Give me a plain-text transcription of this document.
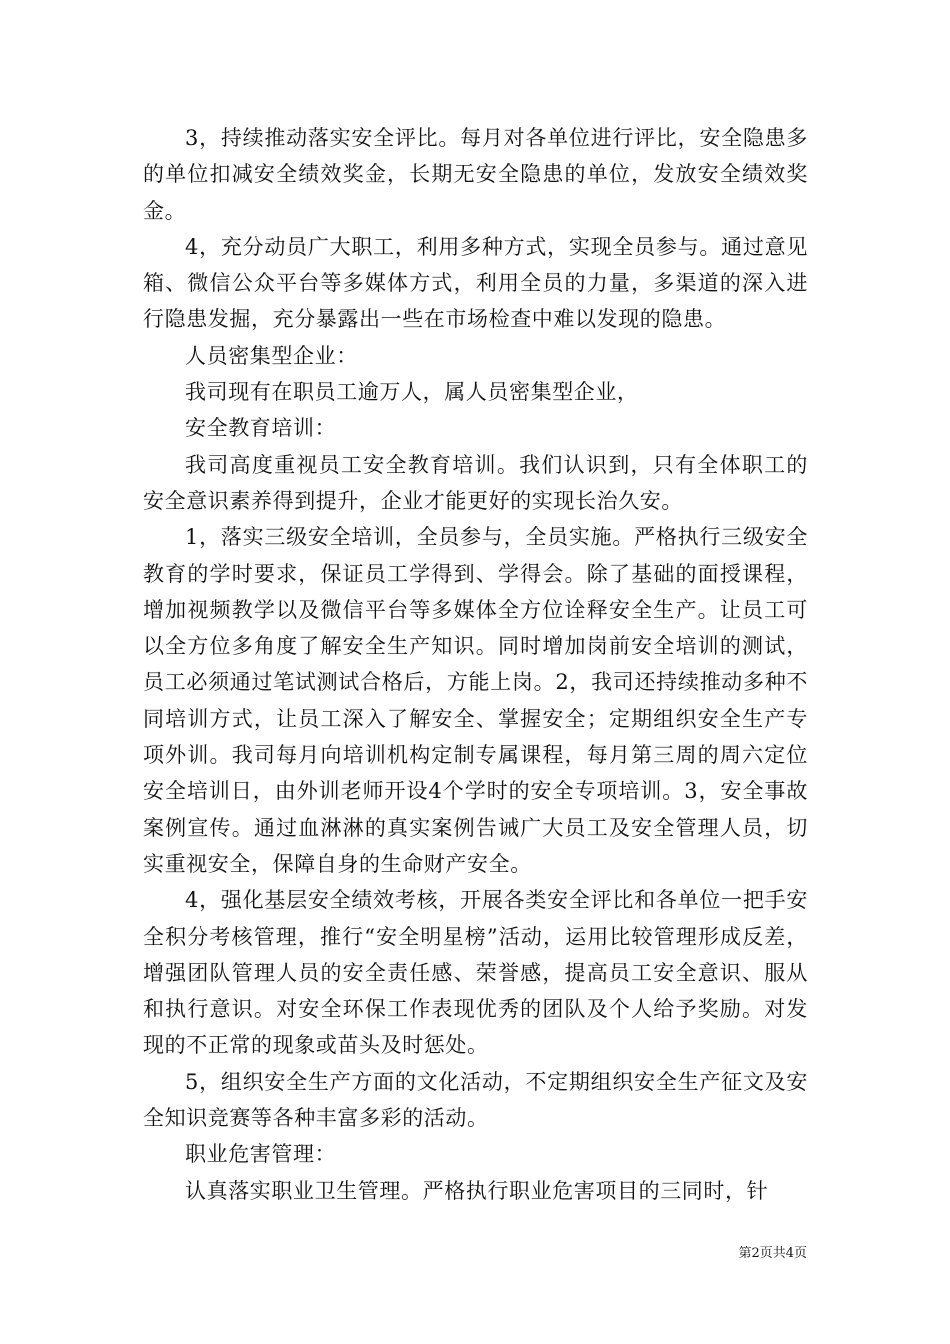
3，持续推动落实安全评比。每月对各单位进行评比，安全隐患多的单位扣减安全绩效奖金，长期无安全隐患的单位，发放安全绩效奖金。

4，充分动员广大职工，利用多种方式，实现全员参与。通过意见箱、微信公众平台等多媒体方式，利用全员的力量，多渠道的深入进行隐患发掘，充分暴露出一些在市场检查中难以发现的隐患。

人员密集型企业：

我司现有在职员工逾万人，属人员密集型企业，

安全教育培训：

我司高度重视员工安全教育培训。我们认识到，只有全体职工的安全意识素养得到提升，企业才能更好的实现长治久安。

1，落实三级安全培训，全员参与，全员实施。严格执行三级安全教育的学时要求，保证员工学得到、学得会。除了基础的面授课程，增加视频教学以及微信平台等多媒体全方位诠释安全生产。让员工可以全方位多角度了解安全生产知识。同时增加岗前安全培训的测试，员工必须通过笔试测试合格后，方能上岗。2，我司还持续推动多种不同培训方式，让员工深入了解安全、掌握安全；定期组织安全生产专项外训。我司每月向培训机构定制专属课程，每月第三周的周六定位安全培训日，由外训老师开设4个学时的安全专项培训。3，安全事故案例宣传。通过血淋淋的真实案例告诫广大员工及安全管理人员，切实重视安全，保障自身的生命财产安全。

4，强化基层安全绩效考核，开展各类安全评比和各单位一把手安全积分考核管理，推行“安全明星榜”活动，运用比较管理形成反差，增强团队管理人员的安全责任感、荣誉感，提高员工安全意识、服从和执行意识。对安全环保工作表现优秀的团队及个人给予奖励。对发现的不正常的现象或苗头及时惩处。

5，组织安全生产方面的文化活动，不定期组织安全生产征文及安全知识竞赛等各种丰富多彩的活动。

职业危害管理：

认真落实职业卫生管理。严格执行职业危害项目的三同时，针

第2页共4页
